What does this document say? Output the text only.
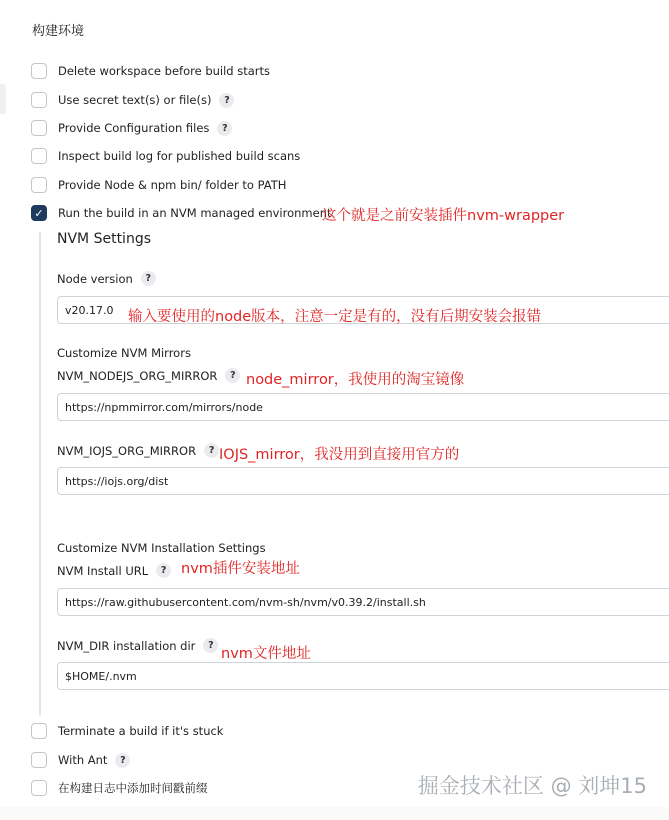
构建环境
Delete workspace before build starts
Use secret text(s) or file(s)	?
Provide Configuration files	?
Inspect build log for published build scans
Provide Node & npm bin/ folder to PATH
✓ Run the build in an NVM managed environment
这个就是之前安装插件nvm-wrapper
NVM Settings
Node version	?
v20.17.0 输入要使用的node版本，注意一定是有的，没有后期安装会报错
Customize NVM Mirrors
NVM_NODEJS_ORG_MIRROR	? node_mirror，我使用的淘宝镜像
https://npmmirror.com/mirrors/node
NVM_IOJS_ORG_MIRROR	? IOJS_mirror，我没用到直接用官方的
https://iojs.org/dist
Customize NVM Installation Settings
NVM Install URL	?	nvm插件安装地址
https://raw.githubusercontent.com/nvm-sh/nvm/v0.39.2/install.sh
NVM_DIR installation dir	?
nvm文件地址
$HOME/.nvm
Terminate a build if it's stuck
With Ant	?
在构建日志中添加时间戳前缀	掘金技术社区 @ 刘坤15
